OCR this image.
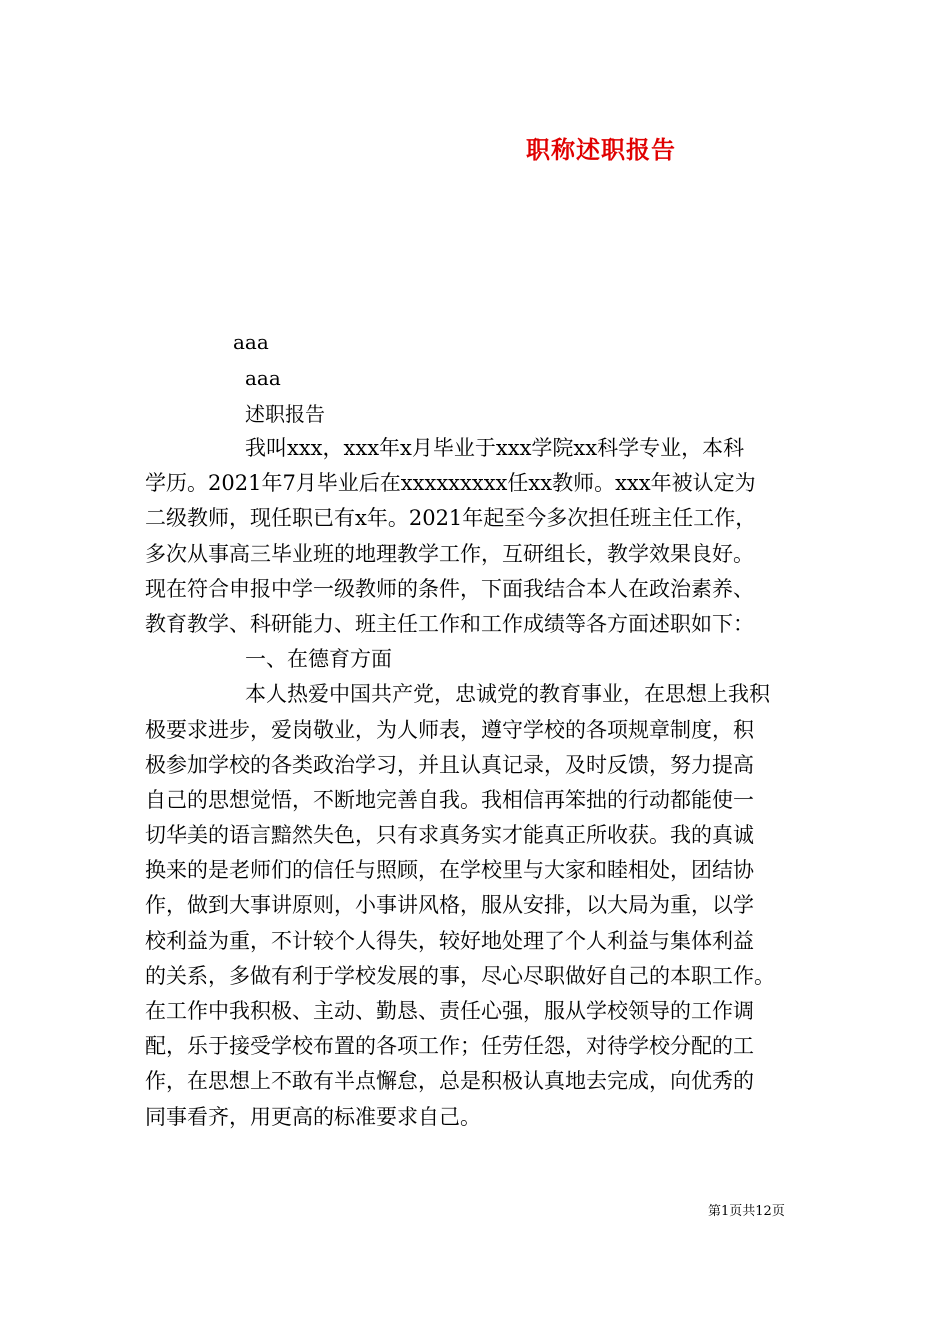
职称述职报告
aaa
aaa
述职报告
我叫xxx，xxx年x月毕业于xxx学院xx科学专业，本科
学历。2021年7月毕业后在xxxxxxxxx任xx教师。xxx年被认定为
二级教师，现任职已有x年。2021年起至今多次担任班主任工作，
多次从事高三毕业班的地理教学工作，互研组长，教学效果良好。
现在符合申报中学一级教师的条件，下面我结合本人在政治素养、
教育教学、科研能力、班主任工作和工作成绩等各方面述职如下：
一、在德育方面
本人热爱中国共产党，忠诚党的教育事业，在思想上我积
极要求进步，爱岗敬业，为人师表，遵守学校的各项规章制度，积
极参加学校的各类政治学习，并且认真记录，及时反馈，努力提高
自己的思想觉悟，不断地完善自我。我相信再笨拙的行动都能使一
切华美的语言黯然失色，只有求真务实才能真正所收获。我的真诚
换来的是老师们的信任与照顾，在学校里与大家和睦相处，团结协
作，做到大事讲原则，小事讲风格，服从安排，以大局为重，以学
校利益为重，不计较个人得失，较好地处理了个人利益与集体利益
的关系，多做有利于学校发展的事，尽心尽职做好自己的本职工作。
在工作中我积极、主动、勤恳、责任心强，服从学校领导的工作调
配，乐于接受学校布置的各项工作；任劳任怨，对待学校分配的工
作，在思想上不敢有半点懈怠，总是积极认真地去完成，向优秀的
同事看齐，用更高的标准要求自己。
第1页共12页
